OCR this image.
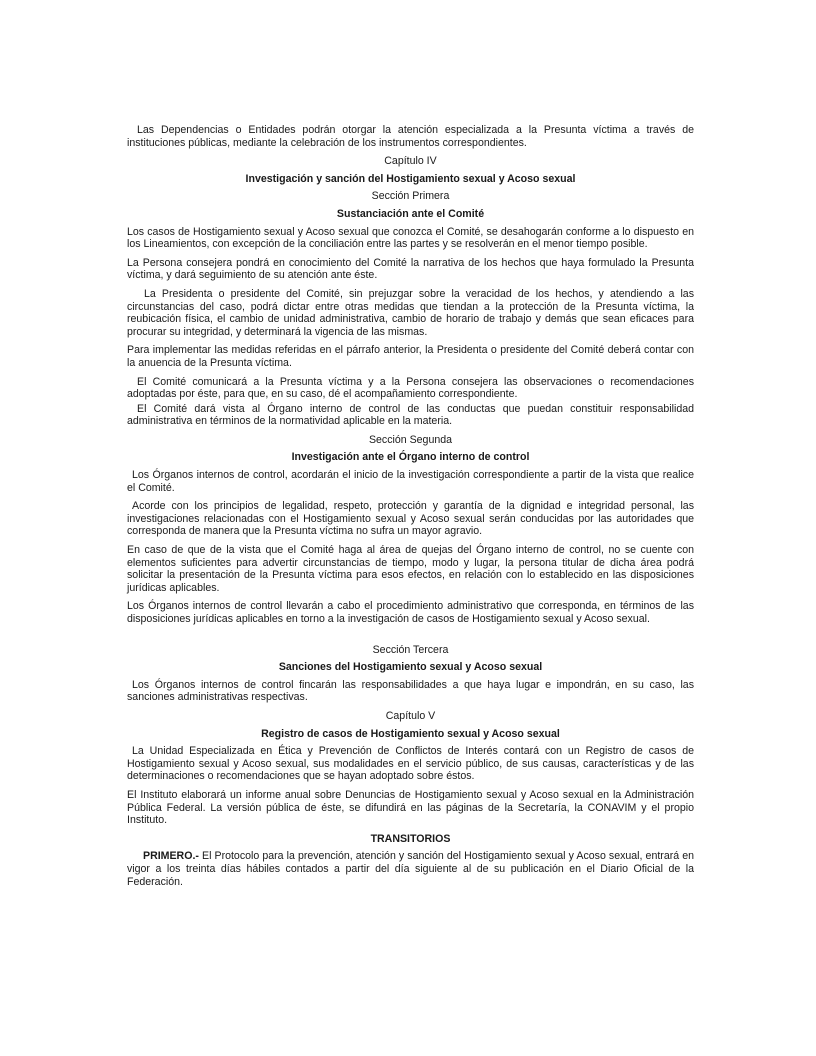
Las Dependencias o Entidades podrán otorgar la atención especializada a la Presunta víctima a través de instituciones públicas, mediante la celebración de los instrumentos correspondientes.

Capítulo IV
Investigación y sanción del Hostigamiento sexual y Acoso sexual
Sección Primera
Sustanciación ante el Comité

Los casos de Hostigamiento sexual y Acoso sexual que conozca el Comité, se desahogarán conforme a lo dispuesto en los Lineamientos, con excepción de la conciliación entre las partes y se resolverán en el menor tiempo posible.

La Persona consejera pondrá en conocimiento del Comité la narrativa de los hechos que haya formulado la Presunta víctima, y dará seguimiento de su atención ante éste.

La Presidenta o presidente del Comité, sin prejuzgar sobre la veracidad de los hechos, y atendiendo a las circunstancias del caso, podrá dictar entre otras medidas que tiendan a la protección de la Presunta víctima, la reubicación física, el cambio de unidad administrativa, cambio de horario de trabajo y demás que sean eficaces para procurar su integridad, y determinará la vigencia de las mismas.

Para implementar las medidas referidas en el párrafo anterior, la Presidenta o presidente del Comité deberá contar con la anuencia de la Presunta víctima.

El Comité comunicará a la Presunta víctima y a la Persona consejera las observaciones o recomendaciones adoptadas por éste, para que, en su caso, dé el acompañamiento correspondiente.

El Comité dará vista al Órgano interno de control de las conductas que puedan constituir responsabilidad administrativa en términos de la normatividad aplicable en la materia.

Sección Segunda
Investigación ante el Órgano interno de control

Los Órganos internos de control, acordarán el inicio de la investigación correspondiente a partir de la vista que realice el Comité.

Acorde con los principios de legalidad, respeto, protección y garantía de la dignidad e integridad personal, las investigaciones relacionadas con el Hostigamiento sexual y Acoso sexual serán conducidas por las autoridades que corresponda de manera que la Presunta víctima no sufra un mayor agravio.

En caso de que de la vista que el Comité haga al área de quejas del Órgano interno de control, no se cuente con elementos suficientes para advertir circunstancias de tiempo, modo y lugar, la persona titular de dicha área podrá solicitar la presentación de la Presunta víctima para esos efectos, en relación con lo establecido en las disposiciones jurídicas aplicables.

Los Órganos internos de control llevarán a cabo el procedimiento administrativo que corresponda, en términos de las disposiciones jurídicas aplicables en torno a la investigación de casos de Hostigamiento sexual y Acoso sexual.

Sección Tercera
Sanciones del Hostigamiento sexual y Acoso sexual

Los Órganos internos de control fincarán las responsabilidades a que haya lugar e impondrán, en su caso, las sanciones administrativas respectivas.

Capítulo V
Registro de casos de Hostigamiento sexual y Acoso sexual

La Unidad Especializada en Ética y Prevención de Conflictos de Interés contará con un Registro de casos de Hostigamiento sexual y Acoso sexual, sus modalidades en el servicio público, de sus causas, características y de las determinaciones o recomendaciones que se hayan adoptado sobre éstos.

El Instituto elaborará un informe anual sobre Denuncias de Hostigamiento sexual y Acoso sexual en la Administración Pública Federal. La versión pública de éste, se difundirá en las páginas de la Secretaría, la CONAVIM y el propio Instituto.

TRANSITORIOS

PRIMERO.- El Protocolo para la prevención, atención y sanción del Hostigamiento sexual y Acoso sexual, entrará en vigor a los treinta días hábiles contados a partir del día siguiente al de su publicación en el Diario Oficial de la Federación.
